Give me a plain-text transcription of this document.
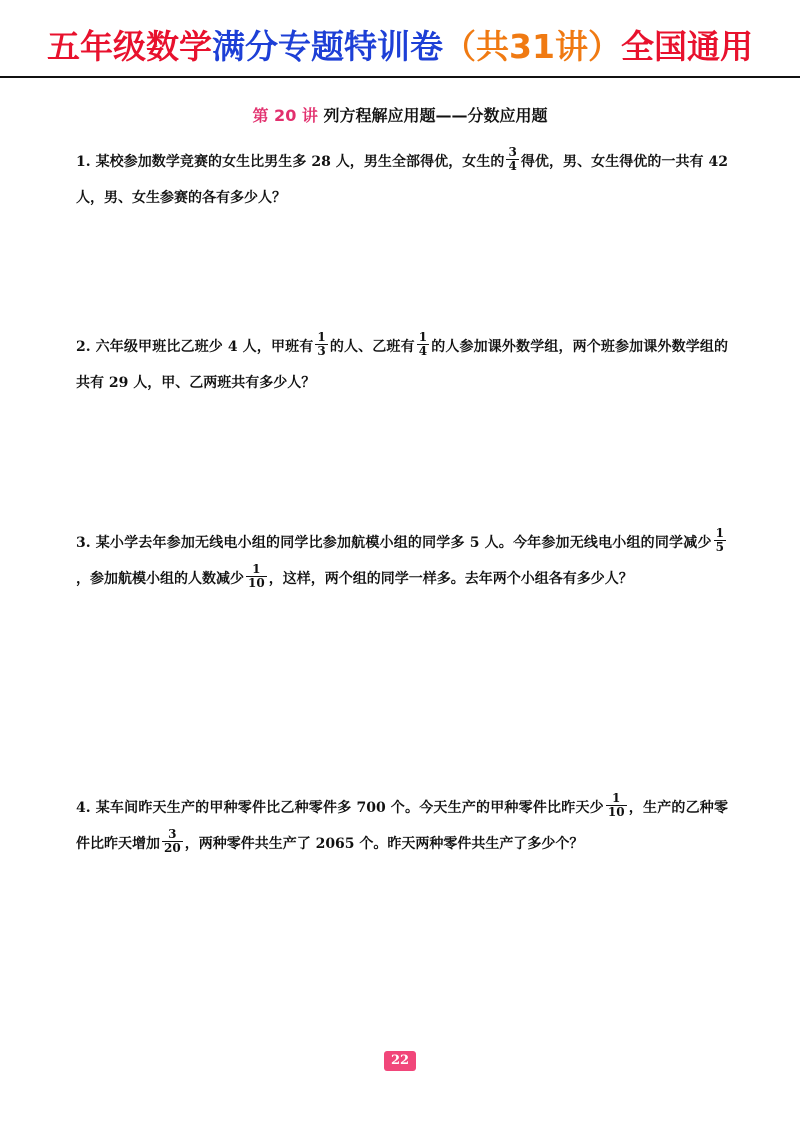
五年级数学满分专题特训卷（共31讲）全国通用
第 20 讲 列方程解应用题——分数应用题
1. 某校参加数学竞赛的女生比男生多 28 人，男生全部得优，女生的 $\frac{3}{4}$ 得优，男、女生得优的一共有 42 人，男、女生参赛的各有多少人？
2. 六年级甲班比乙班少 4 人，甲班有 $\frac{1}{3}$ 的人、乙班有 $\frac{1}{4}$ 的人参加课外数学组，两个班参加课外数学组的共有 29 人，甲、乙两班共有多少人？
3. 某小学去年参加无线电小组的同学比参加航模小组的同学多 5 人。今年参加无线电小组的同学减少 $\frac{1}{5}$
，参加航模小组的人数减少 $\frac{1}{10}$ ，这样，两个组的同学一样多。去年两个小组各有多少人？
4. 某车间昨天生产的甲种零件比乙种零件多 700 个。今天生产的甲种零件比昨天少 $\frac{1}{10}$ ，生产的乙种零件比昨天增加 $\frac{3}{20}$ ，两种零件共生产了 2065 个。昨天两种零件共生产了多少个？
22
